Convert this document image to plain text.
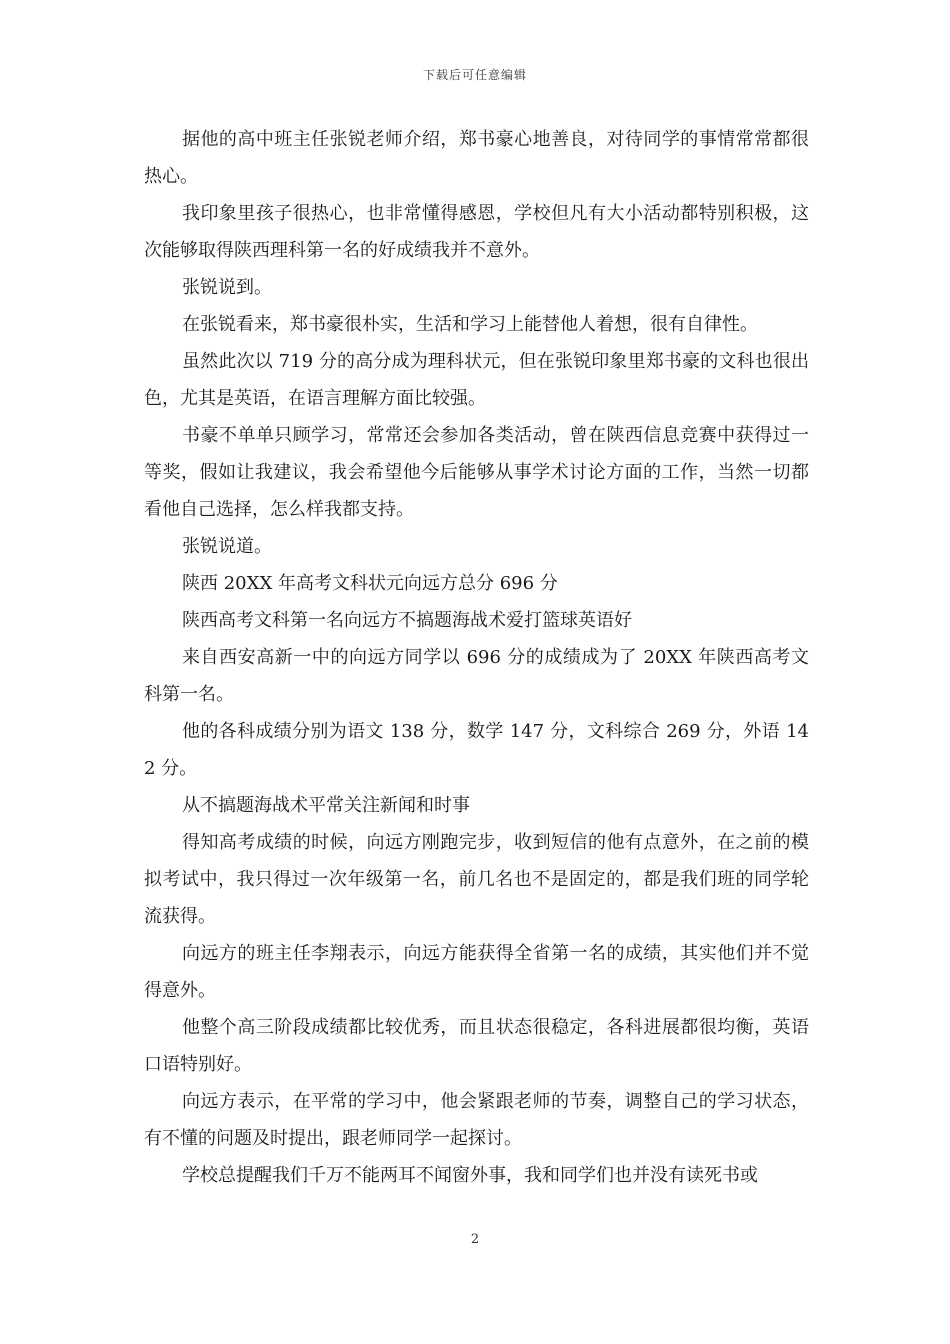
下载后可任意编辑

据他的高中班主任张锐老师介绍，郑书豪心地善良，对待同学的事情常常都很热心。

我印象里孩子很热心，也非常懂得感恩，学校但凡有大小活动都特别积极，这次能够取得陕西理科第一名的好成绩我并不意外。

张锐说到。

在张锐看来，郑书豪很朴实，生活和学习上能替他人着想，很有自律性。

虽然此次以 719 分的高分成为理科状元，但在张锐印象里郑书豪的文科也很出色，尤其是英语，在语言理解方面比较强。

书豪不单单只顾学习，常常还会参加各类活动，曾在陕西信息竞赛中获得过一等奖，假如让我建议，我会希望他今后能够从事学术讨论方面的工作，当然一切都看他自己选择，怎么样我都支持。

张锐说道。

陕西 20XX 年高考文科状元向远方总分 696 分

陕西高考文科第一名向远方不搞题海战术爱打篮球英语好

来自西安高新一中的向远方同学以 696 分的成绩成为了 20XX 年陕西高考文科第一名。

他的各科成绩分别为语文 138 分，数学 147 分，文科综合 269 分，外语 142 分。

从不搞题海战术平常关注新闻和时事

得知高考成绩的时候，向远方刚跑完步，收到短信的他有点意外，在之前的模拟考试中，我只得过一次年级第一名，前几名也不是固定的，都是我们班的同学轮流获得。

向远方的班主任李翔表示，向远方能获得全省第一名的成绩，其实他们并不觉得意外。

他整个高三阶段成绩都比较优秀，而且状态很稳定，各科进展都很均衡，英语口语特别好。

向远方表示，在平常的学习中，他会紧跟老师的节奏，调整自己的学习状态，有不懂的问题及时提出，跟老师同学一起探讨。

学校总提醒我们千万不能两耳不闻窗外事，我和同学们也并没有读死书或

2
